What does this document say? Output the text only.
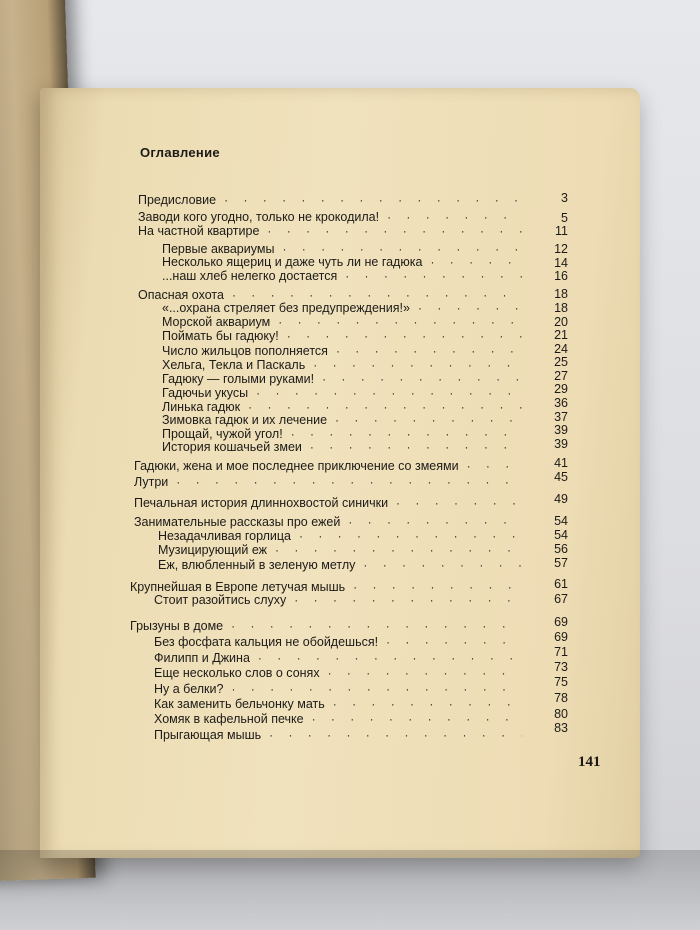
Оглавление
Предисловие · · ·	3
Заводи кого угодно, только не крокодила! · · ·	5
На частной квартире · · ·	11
Первые аквариумы · · ·	12
Несколько ящериц и даже чуть ли не гадюка · · ·	14
...наш хлеб нелегко достается · · ·	16
Опасная охота · · ·	18
«...охрана стреляет без предупреждения!» · · ·	18
Морской аквариум · · ·	20
Поймать бы гадюку! · · ·	21
Число жильцов пополняется · · ·	24
Хельга, Текла и Паскаль · · ·	25
Гадюку — голыми руками! · · ·	27
Гадючьи укусы · · ·	29
Линька гадюк · · ·	36
Зимовка гадюк и их лечение · · ·	37
Прощай, чужой угол! · · ·	39
История кошачьей змеи · · ·	39
Гадюки, жена и мое последнее приключение со змеями · · ·	41
Лутри · · ·	45
Печальная история длиннохвостой синички · · ·	49
Занимательные рассказы про ежей · · ·	54
Незадачливая горлица · · ·	54
Музицирующий еж · · ·	56
Еж, влюбленный в зеленую метлу · · ·	57
Крупнейшая в Европе летучая мышь · · ·	61
Стоит разойтись слуху · · ·	67
Грызуны в доме · · ·	69
Без фосфата кальция не обойдешься! · · ·	69
Филипп и Джина · · ·	71
Еще несколько слов о сонях · · ·	73
Ну а белки? · · ·	75
Как заменить бельчонку мать · · ·	78
Хомяк в кафельной печке · · ·	80
Прыгающая мышь · · ·	83
141
